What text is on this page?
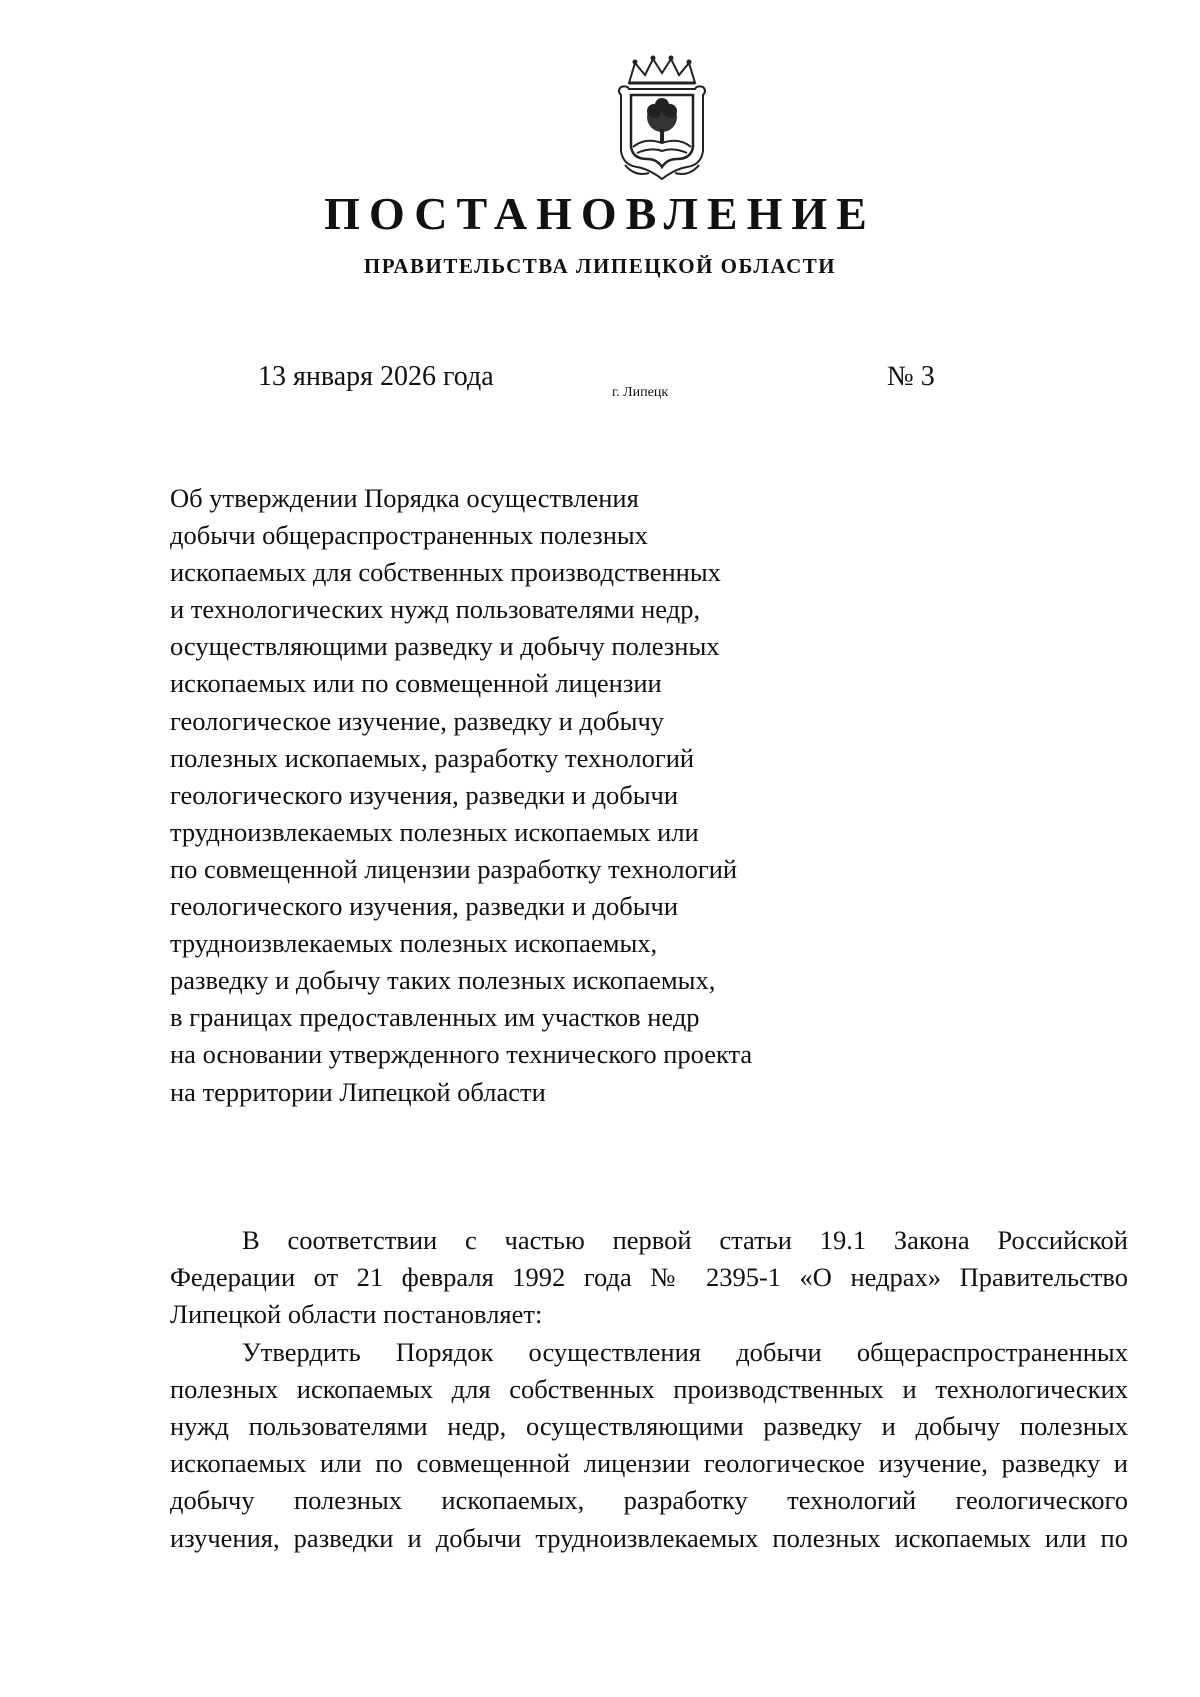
ПОСТАНОВЛЕНИЕ
ПРАВИТЕЛЬСТВА ЛИПЕЦКОЙ ОБЛАСТИ
13 января 2026 года
г. Липецк
№ 3
Об утверждении Порядка осуществления
добычи общераспространенных полезных
ископаемых для собственных производственных
и технологических нужд пользователями недр,
осуществляющими разведку и добычу полезных
ископаемых или по совмещенной лицензии
геологическое изучение, разведку и добычу
полезных ископаемых, разработку технологий
геологического изучения, разведки и добычи
трудноизвлекаемых полезных ископаемых или
по совмещенной лицензии разработку технологий
геологического изучения, разведки и добычи
трудноизвлекаемых полезных ископаемых,
разведку и добычу таких полезных ископаемых,
в границах предоставленных им участков недр
на основании утвержденного технического проекта
на территории Липецкой области
В соответствии с частью первой статьи 19.1 Закона Российской
Федерации от 21 февраля 1992 года № 2395-1 «О недрах» Правительство
Липецкой области постановляет:
Утвердить Порядок осуществления добычи общераспространенных
полезных ископаемых для собственных производственных и технологических
нужд пользователями недр, осуществляющими разведку и добычу полезных
ископаемых или по совмещенной лицензии геологическое изучение, разведку и
добычу полезных ископаемых, разработку технологий геологического
изучения, разведки и добычи трудноизвлекаемых полезных ископаемых или по
